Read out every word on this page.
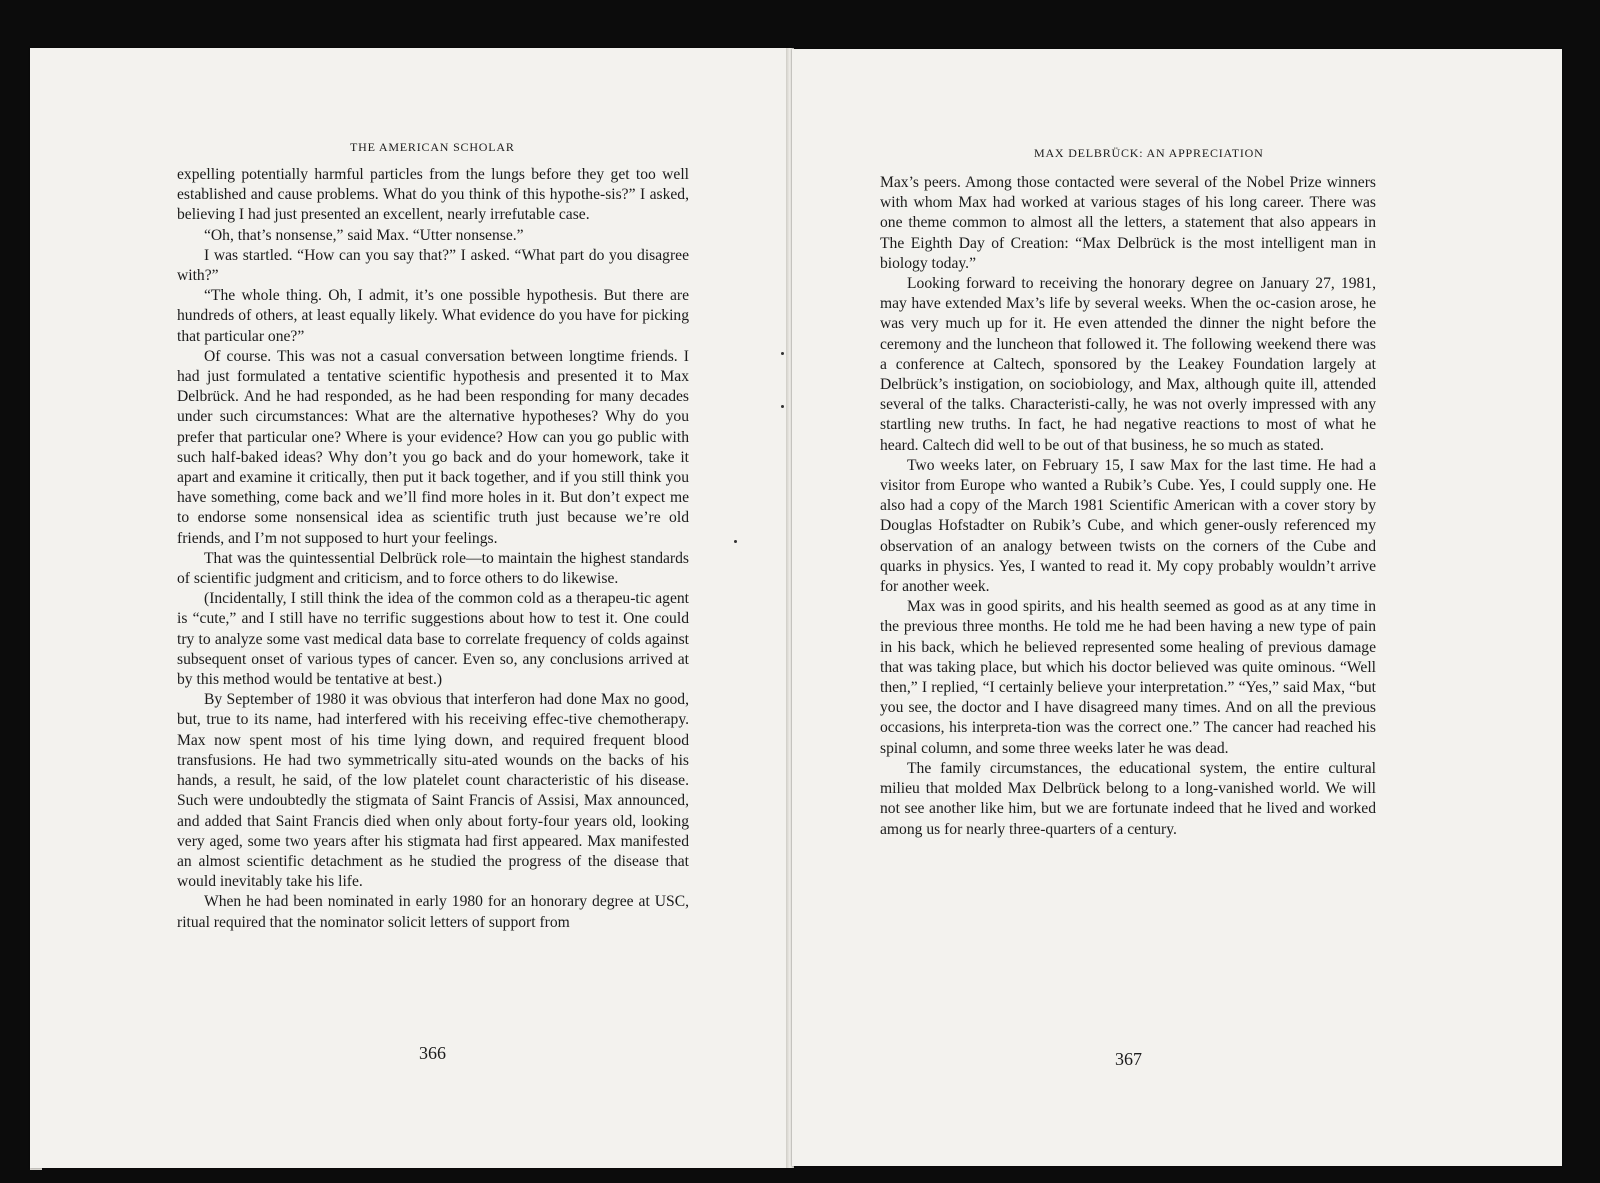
THE AMERICAN SCHOLAR

expelling potentially harmful particles from the lungs before they get too well established and cause problems. What do you think of this hypothe-sis?” I asked, believing I had just presented an excellent, nearly irrefutable case.

“Oh, that’s nonsense,” said Max. “Utter nonsense.”

I was startled. “How can you say that?” I asked. “What part do you disagree with?”

“The whole thing. Oh, I admit, it’s one possible hypothesis. But there are hundreds of others, at least equally likely. What evidence do you have for picking that particular one?”

Of course. This was not a casual conversation between longtime friends. I had just formulated a tentative scientific hypothesis and presented it to Max Delbrück. And he had responded, as he had been responding for many decades under such circumstances: What are the alternative hypotheses? Why do you prefer that particular one? Where is your evidence? How can you go public with such half-baked ideas? Why don’t you go back and do your homework, take it apart and examine it critically, then put it back together, and if you still think you have something, come back and we’ll find more holes in it. But don’t expect me to endorse some nonsensical idea as scientific truth just because we’re old friends, and I’m not supposed to hurt your feelings.

That was the quintessential Delbrück role—to maintain the highest standards of scientific judgment and criticism, and to force others to do likewise.

(Incidentally, I still think the idea of the common cold as a therapeu-tic agent is “cute,” and I still have no terrific suggestions about how to test it. One could try to analyze some vast medical data base to correlate frequency of colds against subsequent onset of various types of cancer. Even so, any conclusions arrived at by this method would be tentative at best.)

By September of 1980 it was obvious that interferon had done Max no good, but, true to its name, had interfered with his receiving effec-tive chemotherapy. Max now spent most of his time lying down, and required frequent blood transfusions. He had two symmetrically situ-ated wounds on the backs of his hands, a result, he said, of the low platelet count characteristic of his disease. Such were undoubtedly the stigmata of Saint Francis of Assisi, Max announced, and added that Saint Francis died when only about forty-four years old, looking very aged, some two years after his stigmata had first appeared. Max manifested an almost scientific detachment as he studied the progress of the disease that would inevitably take his life.

When he had been nominated in early 1980 for an honorary degree at USC, ritual required that the nominator solicit letters of support from

366
MAX DELBRÜCK: AN APPRECIATION

Max’s peers. Among those contacted were several of the Nobel Prize winners with whom Max had worked at various stages of his long career. There was one theme common to almost all the letters, a statement that also appears in The Eighth Day of Creation: “Max Delbrück is the most intelligent man in biology today.”

Looking forward to receiving the honorary degree on January 27, 1981, may have extended Max’s life by several weeks. When the oc-casion arose, he was very much up for it. He even attended the dinner the night before the ceremony and the luncheon that followed it. The following weekend there was a conference at Caltech, sponsored by the Leakey Foundation largely at Delbrück’s instigation, on sociobiology, and Max, although quite ill, attended several of the talks. Characteristi-cally, he was not overly impressed with any startling new truths. In fact, he had negative reactions to most of what he heard. Caltech did well to be out of that business, he so much as stated.

Two weeks later, on February 15, I saw Max for the last time. He had a visitor from Europe who wanted a Rubik’s Cube. Yes, I could supply one. He also had a copy of the March 1981 Scientific American with a cover story by Douglas Hofstadter on Rubik’s Cube, and which gener-ously referenced my observation of an analogy between twists on the corners of the Cube and quarks in physics. Yes, I wanted to read it. My copy probably wouldn’t arrive for another week.

Max was in good spirits, and his health seemed as good as at any time in the previous three months. He told me he had been having a new type of pain in his back, which he believed represented some healing of previous damage that was taking place, but which his doctor believed was quite ominous. “Well then,” I replied, “I certainly believe your interpretation.” “Yes,” said Max, “but you see, the doctor and I have disagreed many times. And on all the previous occasions, his interpreta-tion was the correct one.” The cancer had reached his spinal column, and some three weeks later he was dead.

The family circumstances, the educational system, the entire cultural milieu that molded Max Delbrück belong to a long-vanished world. We will not see another like him, but we are fortunate indeed that he lived and worked among us for nearly three-quarters of a century.

367
